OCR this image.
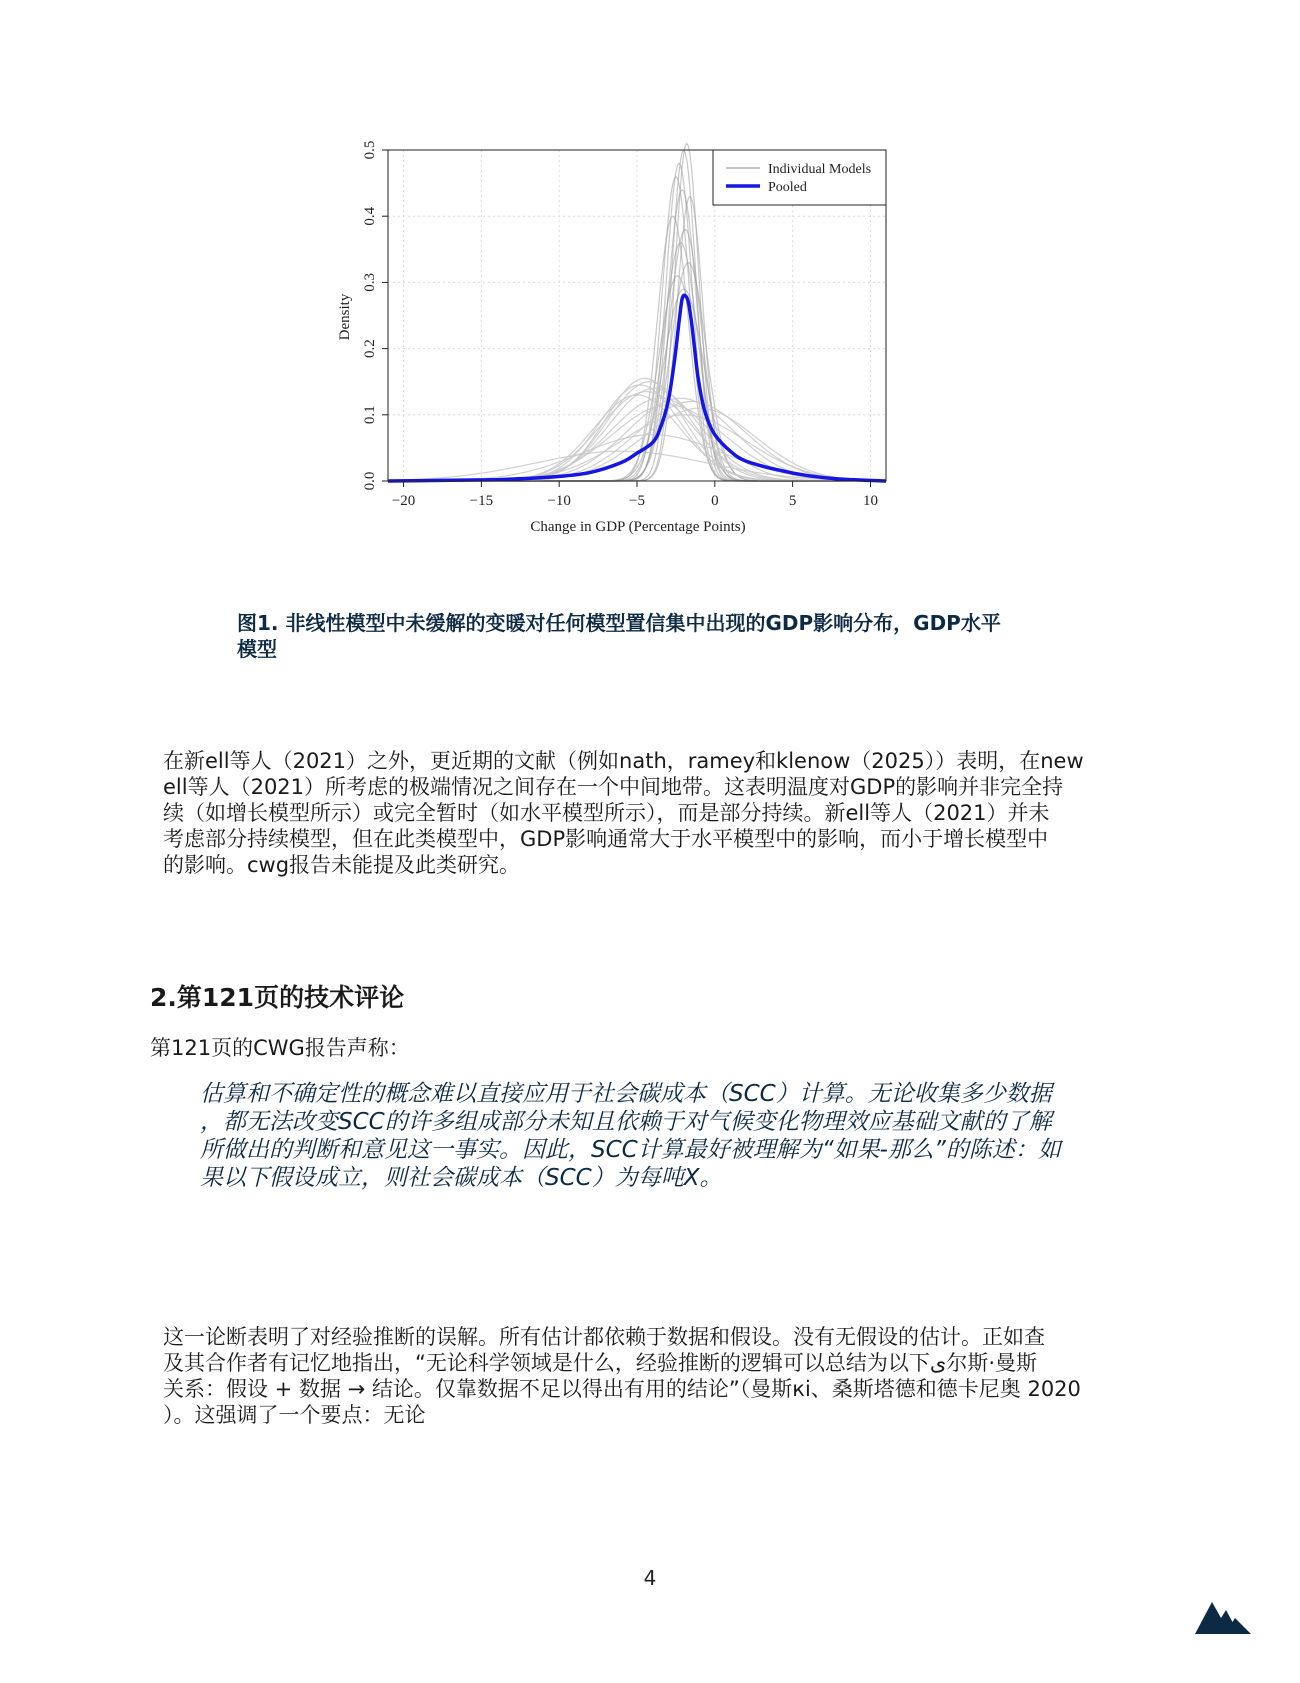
−20	−15	−10	−5	0	5	10
0.0
0.1
0.2
0.3
0.4
0.5
Change in GDP (Percentage Points)
Density
Individual Models
Pooled
图1. 非线性模型中未缓解的变暖对任何模型置信集中出现的GDP影响分布，GDP水平
模型
在新ell等人（2021）之外，更近期的文献（例如nath，ramey和klenow（2025））表明，在new
ell等人（2021）所考虑的极端情况之间存在一个中间地带。这表明温度对GDP的影响并非完全持
续（如增长模型所示）或完全暂时（如水平模型所示），而是部分持续。新ell等人（2021）并未
考虑部分持续模型，但在此类模型中，GDP影响通常大于水平模型中的影响，而小于增长模型中
的影响。cwg报告未能提及此类研究。
2.第121页的技术评论
第121页的CWG报告声称：
估算和不确定性的概念难以直接应用于社会碳成本（SCC）计算。无论收集多少数据
，都无法改变SCC的许多组成部分未知且依赖于对气候变化物理效应基础文献的了解
所做出的判断和意见这一事实。因此，SCC计算最好被理解为“如果-那么”的陈述：如
果以下假设成立，则社会碳成本（SCC）为每吨X。
这一论断表明了对经验推断的误解。所有估计都依赖于数据和假设。没有无假设的估计。正如查
及其合作者有记忆地指出，“无论科学领域是什么，经验推断的逻辑可以总结为以下ی尔斯·曼斯
关系：假设 + 数据 → 结论。仅靠数据不足以得出有用的结论”（曼斯кі、桑斯塔德和德卡尼奥 2020
）。这强调了一个要点：无论
4
